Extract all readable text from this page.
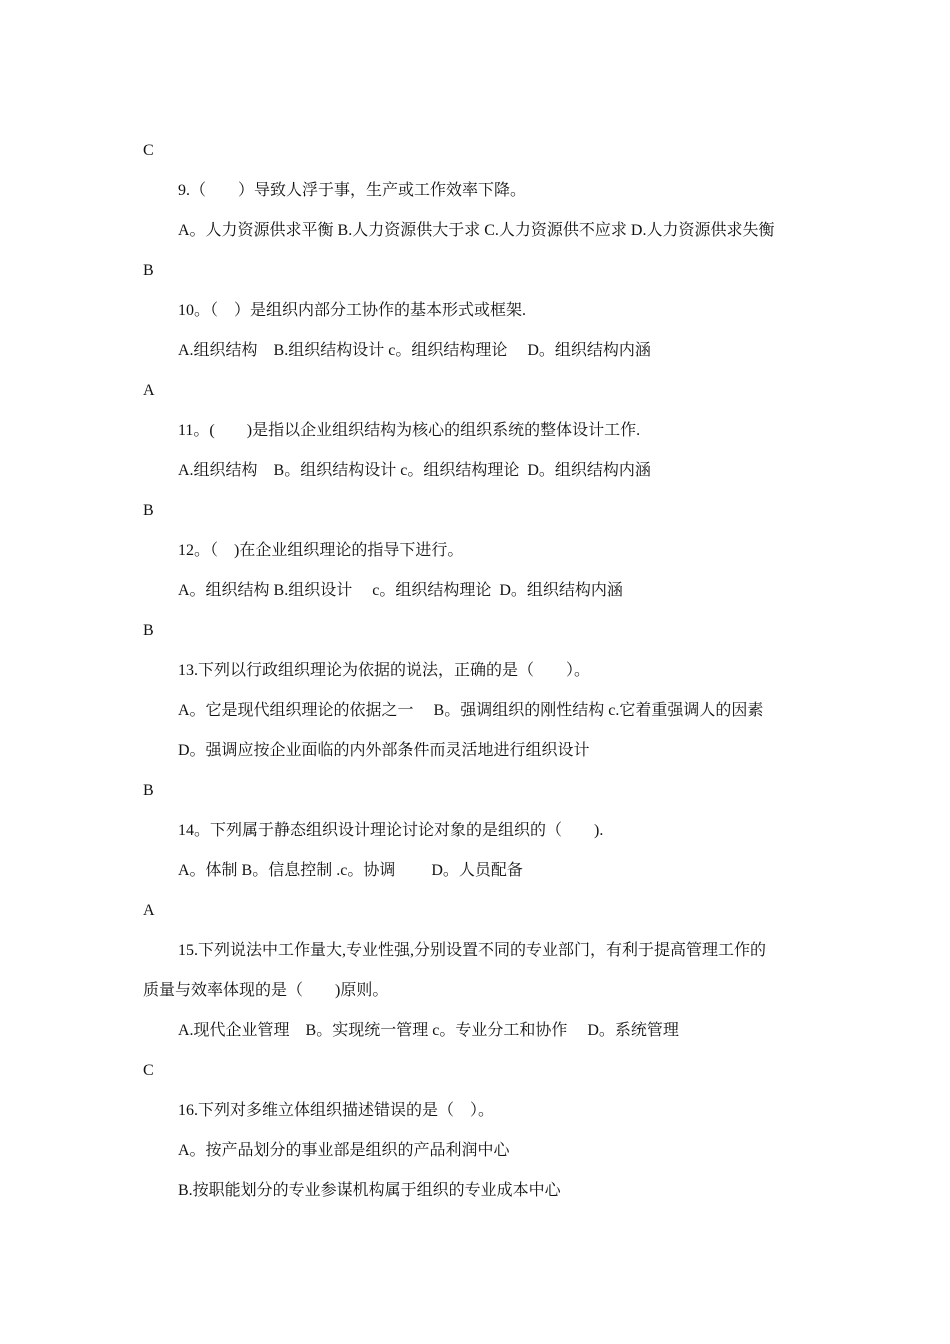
C
9.（　　）导致人浮于事，生产或工作效率下降。
A。人力资源供求平衡 B.人力资源供大于求 C.人力资源供不应求 D.人力资源供求失衡
B
10。（　）是组织内部分工协作的基本形式或框架.
A.组织结构　B.组织结构设计 c。组织结构理论　 D。组织结构内涵
A
11。(　　)是指以企业组织结构为核心的组织系统的整体设计工作.
A.组织结构　B。组织结构设计 c。组织结构理论  D。组织结构内涵
B
12。（　)在企业组织理论的指导下进行。
A。组织结构 B.组织设计　 c。组织结构理论  D。组织结构内涵
B
13.下列以行政组织理论为依据的说法，正确的是（　　）。
A。它是现代组织理论的依据之一　 B。强调组织的刚性结构 c.它着重强调人的因素
D。强调应按企业面临的内外部条件而灵活地进行组织设计
B
14。下列属于静态组织设计理论讨论对象的是组织的（　　).
A。体制 B。信息控制 .c。协调　　 D。人员配备
A
15.下列说法中工作量大,专业性强,分别设置不同的专业部门，有利于提高管理工作的
质量与效率体现的是（　　)原则。
A.现代企业管理　B。实现统一管理 c。专业分工和协作　 D。系统管理
C
16.下列对多维立体组织描述错误的是（　）。
A。按产品划分的事业部是组织的产品利润中心
B.按职能划分的专业参谋机构属于组织的专业成本中心
